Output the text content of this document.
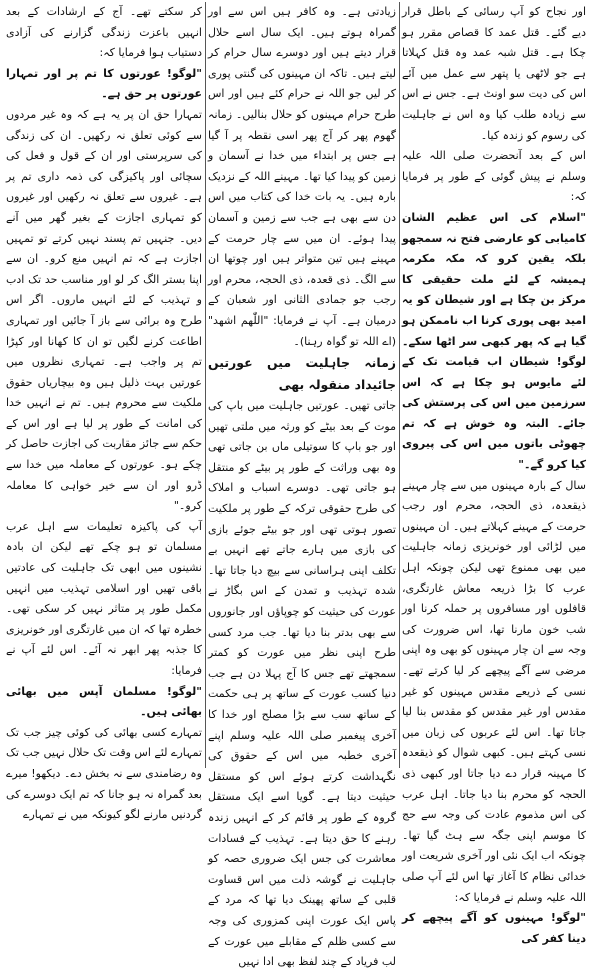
اور نجاح کو آپ رسائی کے باطل قرار دیے گئے۔ قتل عمد کا قصاص مقرر ہو چکا ہے۔ قتل شبہ عمد وہ قتل کہلاتا ہے جو لاٹھی یا پتھر سے عمل میں آئے اس کی دیت سو اونٹ ہے۔ جس نے اس سے زیادہ طلب کیا وہ اس نے جاہلیت کی رسوم کو زندہ کیا۔

اس کے بعد آنحضرت صلی اللہ علیہ وسلم نے پیش گوئی کے طور پر فرمایا کہ:

"اسلام کی اس عظیم الشان کامیابی کو عارضی فتح نہ سمجھو بلکہ یقین کرو کہ مکہ مکرمہ ہمیشہ کے لئے ملت حقیقی کا مرکز بن چکا ہے اور شیطان کو یہ امید بھی پوری کرنا اب ناممکن ہو گیا ہے کہ پھر کبھی سر اٹھا سکے۔ لوگو! شیطان اب قیامت تک کے لئے مایوس ہو چکا ہے کہ اس سرزمین میں اس کی پرستش کی جائے۔ البتہ وہ خوش ہے کہ تم چھوٹی باتوں میں اس کی پیروی کیا کرو گے۔"

سال کے بارہ مہینوں میں سے چار مہینے ذیقعدہ، ذی الحجہ، محرم اور رجب حرمت کے مہینے کہلاتے ہیں۔ ان مہینوں میں لڑائی اور خونریزی زمانہ جاہلیت میں بھی ممنوع تھی لیکن چونکہ اہل عرب کا بڑا ذریعہ معاش غارتگری، قافلوں اور مسافروں پر حملہ کرنا اور شب خون مارنا تھا، اس ضرورت کی وجہ سے ان چار مہینوں کو بھی وہ اپنی مرضی سے آگے پیچھے کر لیا کرتے تھے۔ نسی کے ذریعے مقدس مہینوں کو غیر مقدس اور غیر مقدس کو مقدس بنا لیا جاتا تھا۔ اس لئے عربوں کی زبان میں نسی کہتے ہیں۔ کبھی شوال کو ذیقعدہ کا مہینہ قرار دے دیا جاتا اور کبھی ذی الحجہ کو محرم بنا دیا جاتا۔ اہل عرب کی اس مذموم عادت کی وجہ سے حج کا موسم اپنی جگہ سے ہٹ گیا تھا۔ چونکہ اب ایک نئی اور آخری شریعت اور خدائی نظام کا آغاز تھا اس لئے آپ صلی اللہ علیہ وسلم نے فرمایا کہ:

"لوگو! مہینوں کو آگے پیچھے کر دینا کفر کی

زیادتی ہے۔ وہ کافر ہیں اس سے اور گمراہ ہوتے ہیں۔ ایک سال اسے حلال قرار دیتے ہیں اور دوسرے سال حرام کر لیتے ہیں۔ تاکہ ان مہینوں کی گنتی پوری کر لیں جو اللہ نے حرام کئے ہیں اور اس طرح حرام مہینوں کو حلال بنالیں۔ زمانہ گھوم پھر کر آج پھر اسی نقطہ پر آ گیا ہے جس پر ابتداء میں خدا نے آسمان و زمین کو پیدا کیا تھا۔ مہینے اللہ کے نزدیک بارہ ہیں۔ یہ بات خدا کی کتاب میں اس دن سے بھی ہے جب سے زمین و آسمان پیدا ہوئے۔ ان میں سے چار حرمت کے مہینے ہیں تین متواتر ہیں اور چوتھا ان سے الگ۔ ذی قعدہ، ذی الحجہ، محرم اور رجب جو جمادی الثانی اور شعبان کے درمیان ہے۔ آپ نے فرمایا: "اللّٰھم اشھد" (اے اللہ تو گواہ رہنا)۔

زمانہ جاہلیت میں عورتیں جائیداد منقولہ بھی

جاتی تھیں۔ عورتیں جاہلیت میں باپ کی موت کے بعد بیٹے کو ورثہ میں ملتی تھیں اور جو باپ کا سوتیلی ماں بن جاتی تھی وہ بھی وراثت کے طور پر بیٹے کو منتقل ہو جاتی تھی۔ دوسرے اسباب و املاک کی طرح حقوقی ترکہ کے طور پر ملکیت تصور ہوتی تھی اور جو بیٹے جوئے بازی کی بازی میں ہارے جاتے تھے انہیں بے تکلف اپنی ہراسانی سے بیچ دیا جاتا تھا۔ شدہ تہذیب و تمدن کے اس بگاڑ نے عورت کی حیثیت کو چوپاؤں اور جانوروں سے بھی بدتر بنا دیا تھا۔ جب مرد کسی طرح اپنی نظر میں عورت کو کمتر سمجھتے تھے جس کا آج پہلا دن ہے جب دنیا کسب عورت کے ساتھ پر ہی حکمت کے ساتھ سب سے بڑا مصلح اور خدا کا آخری پیغمبر صلی اللہ علیہ وسلم اپنے آخری خطبہ میں اس کے حقوق کی نگہداشت کرتے ہوئے اس کو مستقل حیثیت دیتا ہے۔ گویا اسے ایک مستقل گروہ کے طور پر قائم کر کے انہیں زندہ رہنے کا حق دیتا ہے۔ تہذیب کے فسادات معاشرت کی جس ایک ضروری حصہ کو جاہلیت نے گوشہ ذلت میں اس قساوت قلبی کے ساتھ پھینک دیا تھا کہ مرد کے پاس ایک عورت اپنی کمزوری کی وجہ سے کسی ظلم کے مقابلے میں عورت کے لب فریاد کے چند لفظ بھی ادا نہیں

کر سکتے تھے۔ آج کے ارشادات کے بعد انہیں باعزت زندگی گزارنے کی آزادی دستیاب ہوا فرمایا کہ:

"لوگو! عورتوں کا تم پر اور تمہارا عورتوں پر حق ہے۔

تمہارا حق ان پر یہ ہے کہ وہ غیر مردوں سے کوئی تعلق نہ رکھیں۔ ان کی زندگی کی سرپرستی اور ان کے قول و فعل کی سچائی اور پاکیزگی کی ذمہ داری تم پر ہے۔ غیروں سے تعلق نہ رکھیں اور غیروں کو تمہاری اجازت کے بغیر گھر میں آنے دیں۔ جنہیں تم پسند نہیں کرتے تو تمہیں اجازت ہے کہ تم انہیں منع کرو۔ ان سے اپنا بستر الگ کر لو اور مناسب حد تک ادب و تہذیب کے لئے انہیں ماروں۔ اگر اس طرح وہ برائی سے باز آ جائیں اور تمہاری اطاعت کرنے لگیں تو ان کا کھانا اور کپڑا تم پر واجب ہے۔ تمہاری نظروں میں عورتیں بہت ذلیل ہیں وہ بیچاریاں حقوق ملکیت سے محروم ہیں۔ تم نے انہیں خدا کی امانت کے طور پر لیا ہے اور اس کے حکم سے جائز مقاربت کی اجازت حاصل کر چکے ہو۔ عورتوں کے معاملہ میں خدا سے ڈرو اور ان سے خیر خواہی کا معاملہ کرو۔"

آپ کی پاکیزہ تعلیمات سے اہل عرب مسلمان تو ہو چکے تھے لیکن ان بادہ نشینوں میں ابھی تک جاہلیت کی عادتیں باقی تھیں اور اسلامی تہذیب میں انہیں مکمل طور پر متاثر نہیں کر سکی تھی۔ خطرہ تھا کہ ان میں غارتگری اور خونریزی کا جذبہ پھر ابھر نہ آئے۔ اس لئے آپ نے فرمایا:

"لوگو! مسلمان آپس میں بھائی بھائی ہیں۔

تمہارے کسی بھائی کی کوئی چیز جب تک تمہارے لئے اس وقت تک حلال نہیں جب تک وہ رضامندی سے نہ بخش دے۔ دیکھو! میرے بعد گمراہ نہ ہو جانا کہ تم ایک دوسرے کی گردنیں مارنے لگو کیونکہ میں نے تمہارے
